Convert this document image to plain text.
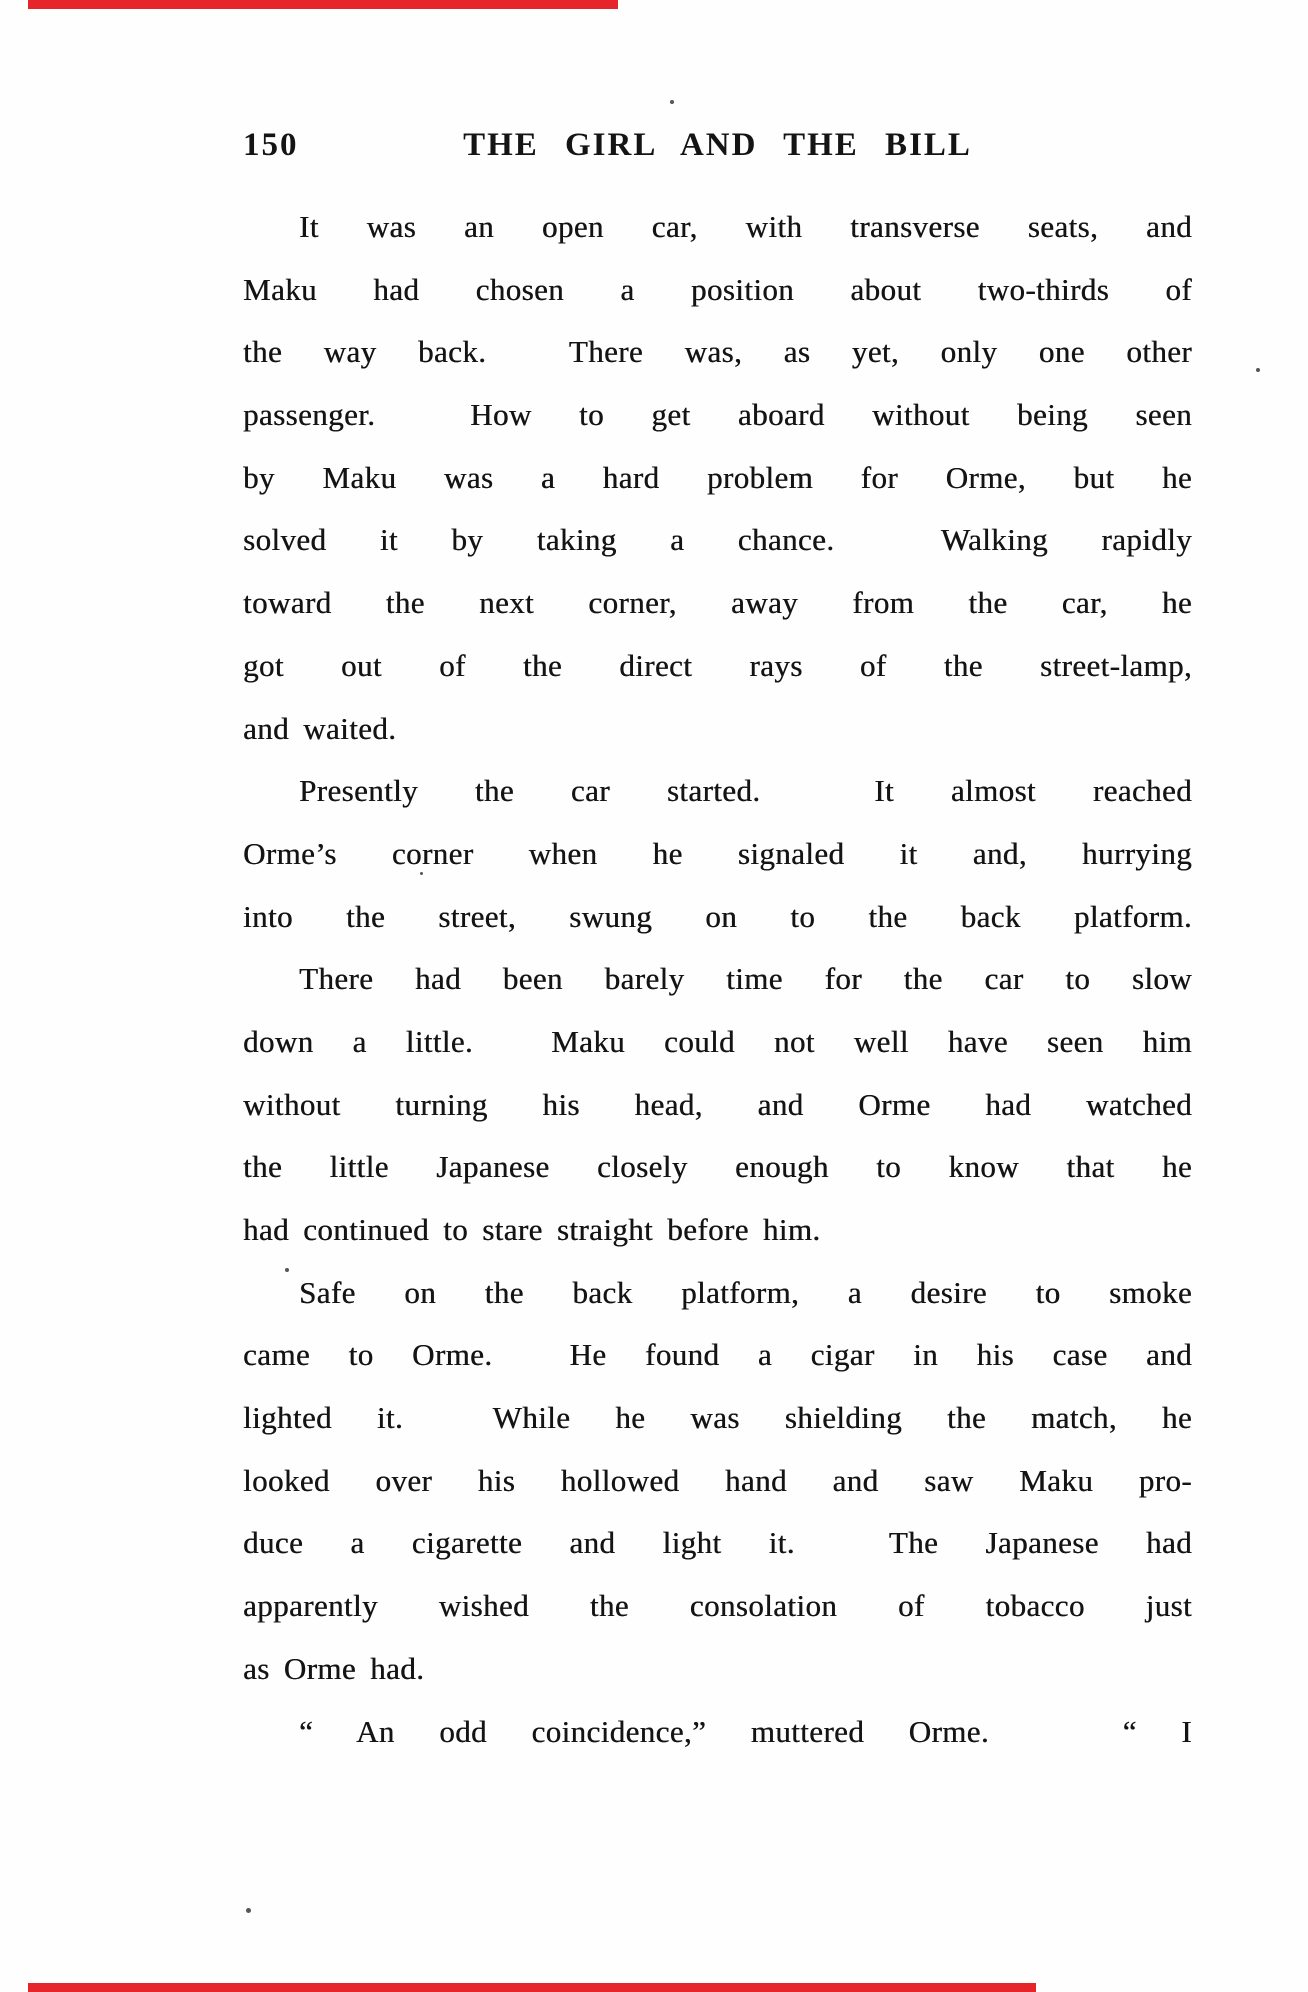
150

	THE GIRL AND THE BILL

It was an open car, with transverse seats, and
Maku had chosen a position about two-thirds of
the way back.  There was, as yet, only one other
passenger.  How to get aboard without being seen
by Maku was a hard problem for Orme, but he
solved it by taking a chance.  Walking rapidly
toward the next corner, away from the car, he
got out of the direct rays of the street-lamp,
and waited.
Presently the car started.  It almost reached
Orme’s corner when he signaled it and, hurrying
into the street, swung on to the back platform.
There had been barely time for the car to slow
down a little.  Maku could not well have seen him
without turning his head, and Orme had watched
the little Japanese closely enough to know that he
had continued to stare straight before him.
Safe on the back platform, a desire to smoke
came to Orme.  He found a cigar in his case and
lighted it.  While he was shielding the match, he
looked over his hollowed hand and saw Maku pro-
duce a cigarette and light it.  The Japanese had
apparently wished the consolation of tobacco just
as Orme had.
“ An odd coincidence,” muttered Orme.   “ I
